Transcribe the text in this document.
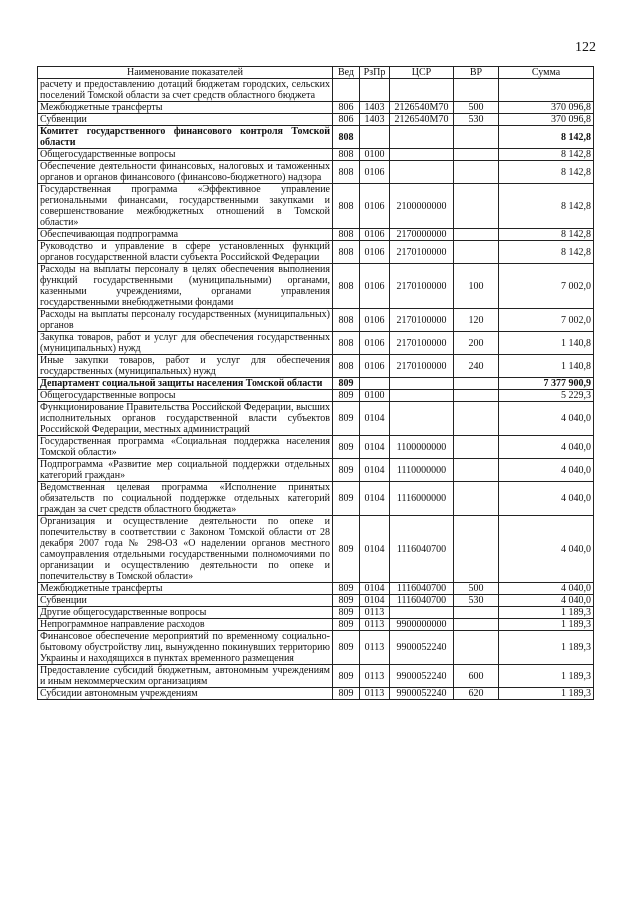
122
Наименование показателей	Вед	РзПр	ЦСР	ВР	Сумма
расчету и предоставлению дотаций бюджетам городских, сельских поселений Томской области за счет средств областного бюджета					
Межбюджетные трансферты	806	1403	2126540М70	500	370 096,8
Субвенции	806	1403	2126540М70	530	370 096,8
Комитет государственного финансового контроля Томской области	808				8 142,8
Общегосударственные вопросы	808	0100			8 142,8
Обеспечение деятельности финансовых, налоговых и таможенных органов и органов финансового (финансово-бюджетного) надзора	808	0106			8 142,8
Государственная программа «Эффективное управление региональными финансами, государственными закупками и совершенствование межбюджетных отношений в Томской области»	808	0106	2100000000		8 142,8
Обеспечивающая подпрограмма	808	0106	2170000000		8 142,8
Руководство и управление в сфере установленных функций органов государственной власти субъекта Российской Федерации	808	0106	2170100000		8 142,8
Расходы на выплаты персоналу в целях обеспечения выполнения функций государственными (муниципальными) органами, казенными учреждениями, органами управления государственными внебюджетными фондами	808	0106	2170100000	100	7 002,0
Расходы на выплаты персоналу государственных (муниципальных) органов	808	0106	2170100000	120	7 002,0
Закупка товаров, работ и услуг для обеспечения государственных (муниципальных) нужд	808	0106	2170100000	200	1 140,8
Иные закупки товаров, работ и услуг для обеспечения государственных (муниципальных) нужд	808	0106	2170100000	240	1 140,8
Департамент социальной защиты населения Томской области	809				7 377 900,9
Общегосударственные вопросы	809	0100			5 229,3
Функционирование Правительства Российской Федерации, высших исполнительных органов государственной власти субъектов Российской Федерации, местных администраций	809	0104			4 040,0
Государственная программа «Социальная поддержка населения Томской области»	809	0104	1100000000		4 040,0
Подпрограмма «Развитие мер социальной поддержки отдельных категорий граждан»	809	0104	1110000000		4 040,0
Ведомственная целевая программа «Исполнение принятых обязательств по социальной поддержке отдельных категорий граждан за счет средств областного бюджета»	809	0104	1116000000		4 040,0
Организация и осуществление деятельности по опеке и попечительству в соответствии с Законом Томской области от 28 декабря 2007 года № 298-ОЗ «О наделении органов местного самоуправления отдельными государственными полномочиями по организации и осуществлению деятельности по опеке и попечительству в Томской области»	809	0104	1116040700		4 040,0
Межбюджетные трансферты	809	0104	1116040700	500	4 040,0
Субвенции	809	0104	1116040700	530	4 040,0
Другие общегосударственные вопросы	809	0113			1 189,3
Непрограммное направление расходов	809	0113	9900000000		1 189,3
Финансовое обеспечение мероприятий по временному социально-бытовому обустройству лиц, вынужденно покинувших территорию Украины и находящихся в пунктах временного размещения	809	0113	9900052240		1 189,3
Предоставление субсидий бюджетным, автономным учреждениям и иным некоммерческим организациям	809	0113	9900052240	600	1 189,3
Субсидии автономным учреждениям	809	0113	9900052240	620	1 189,3
